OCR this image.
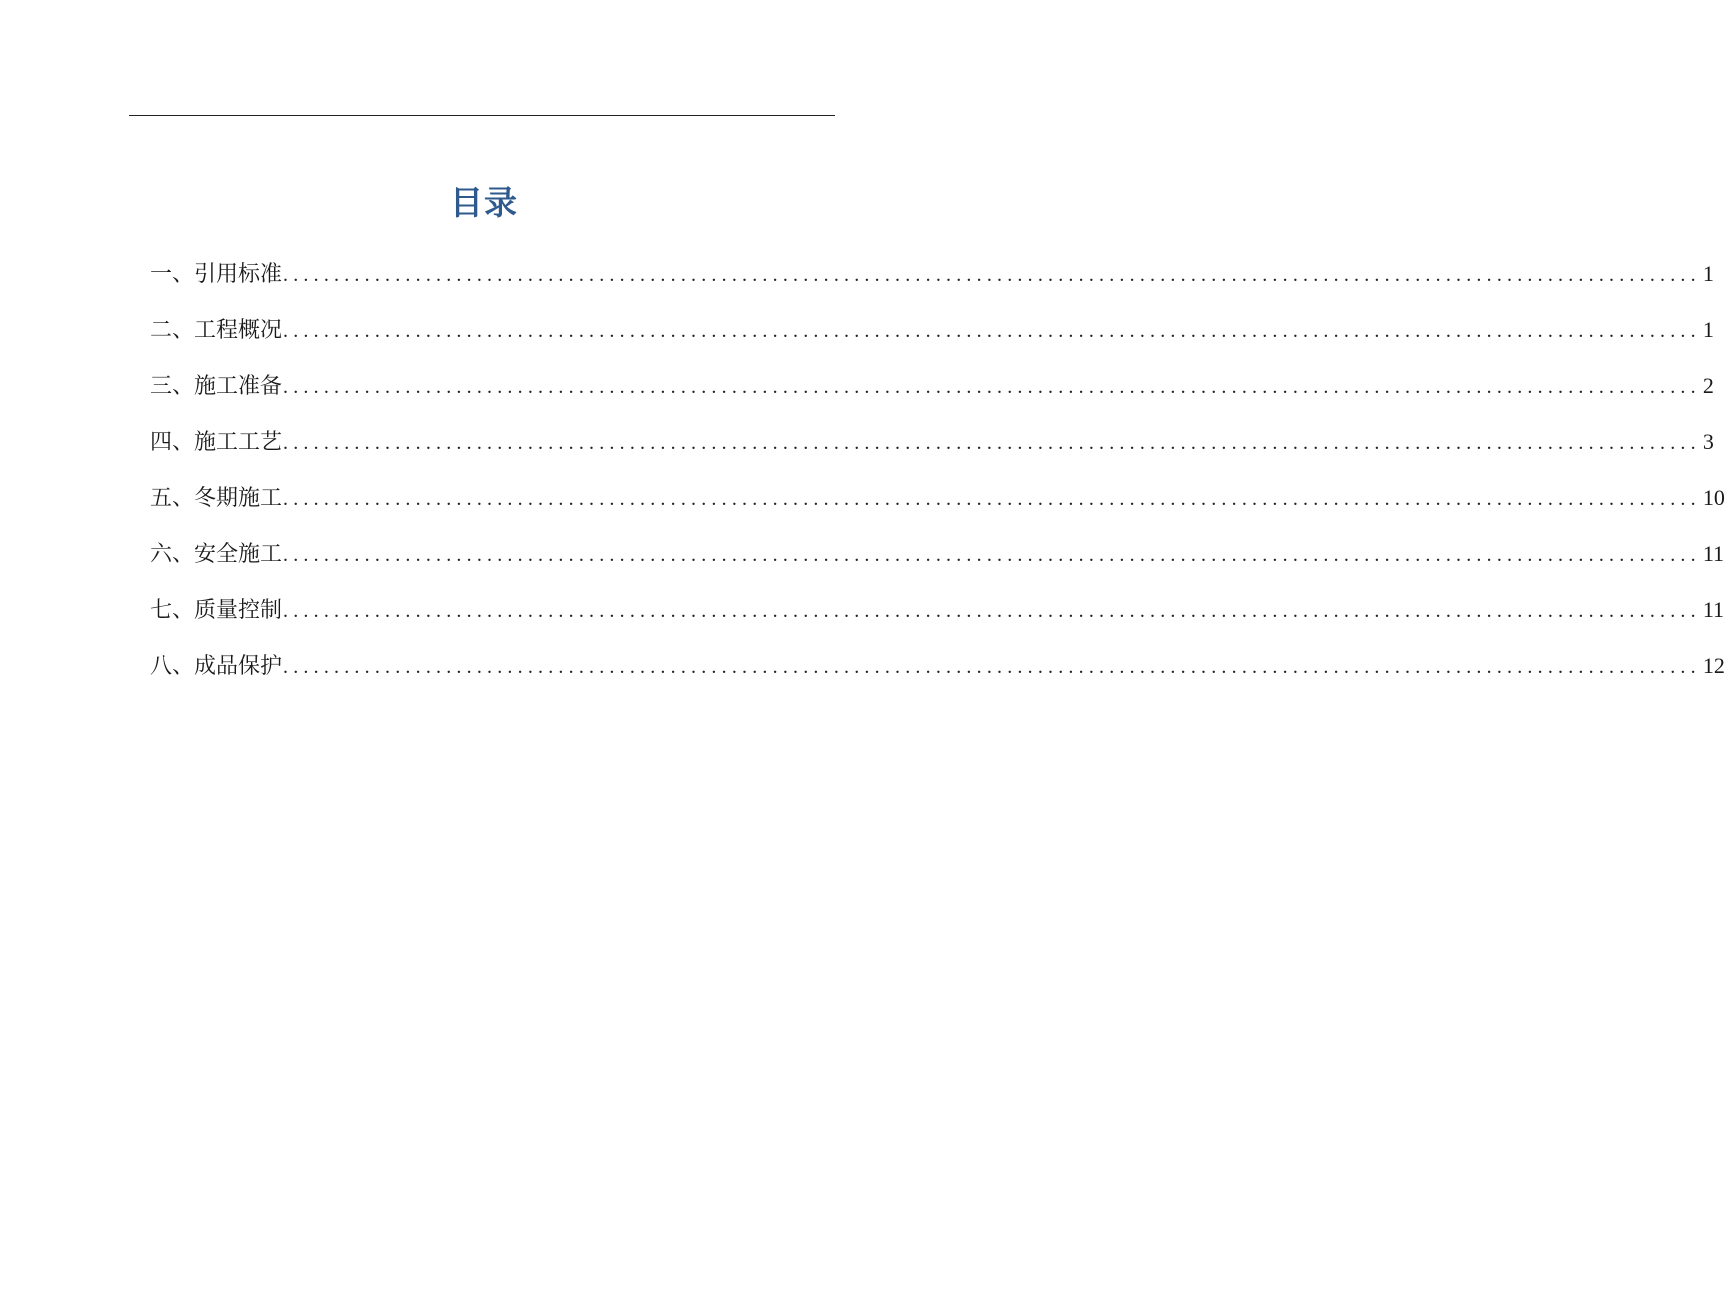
目录
一、引用标准 ........................................................................................................................................... 1
二、工程概况 ........................................................................................................................................... 1
三、施工准备 ........................................................................................................................................... 2
四、施工工艺 ........................................................................................................................................... 3
五、冬期施工 ........................................................................................................................................... 10
六、安全施工 ........................................................................................................................................... 11
七、质量控制 ........................................................................................................................................... 11
八、成品保护 ........................................................................................................................................... 12
